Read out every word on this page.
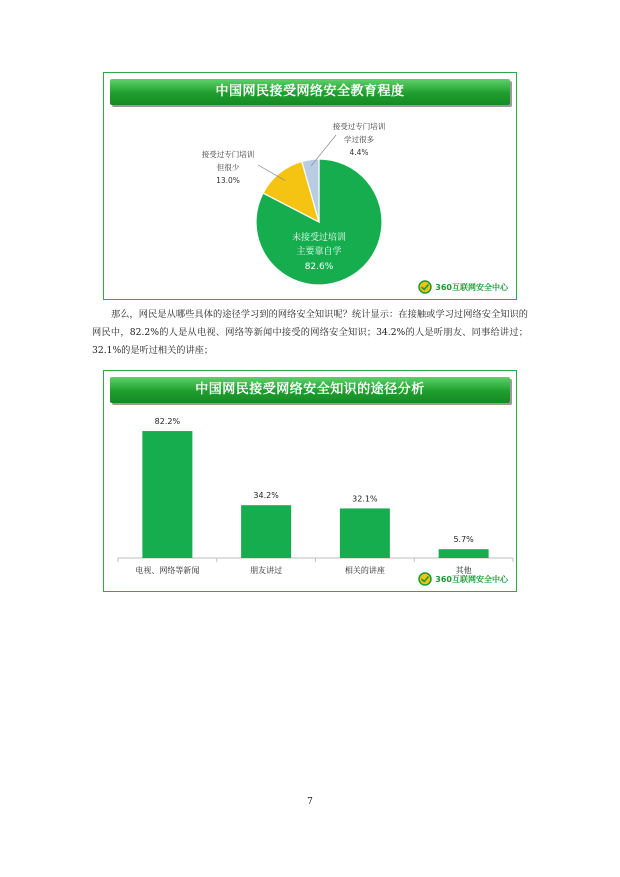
中国网民接受网络安全教育程度
未接受过培训
主要靠自学
82.6%
接受过专门培训
但很少
13.0%
接受过专门培训
学过很多
4.4%
360互联网安全中心

那么，网民是从哪些具体的途径学习到的网络安全知识呢？统计显示：在接触或学习过网络安全知识的网民中，82.2%的人是从电视、网络等新闻中接受的网络安全知识；34.2%的人是听朋友、同事给讲过；32.1%的是听过相关的讲座；

中国网民接受网络安全知识的途径分析
82.2%
电视、网络等新闻
34.2%
朋友讲过
32.1%
相关的讲座
5.7%
其他
360互联网安全中心
7
